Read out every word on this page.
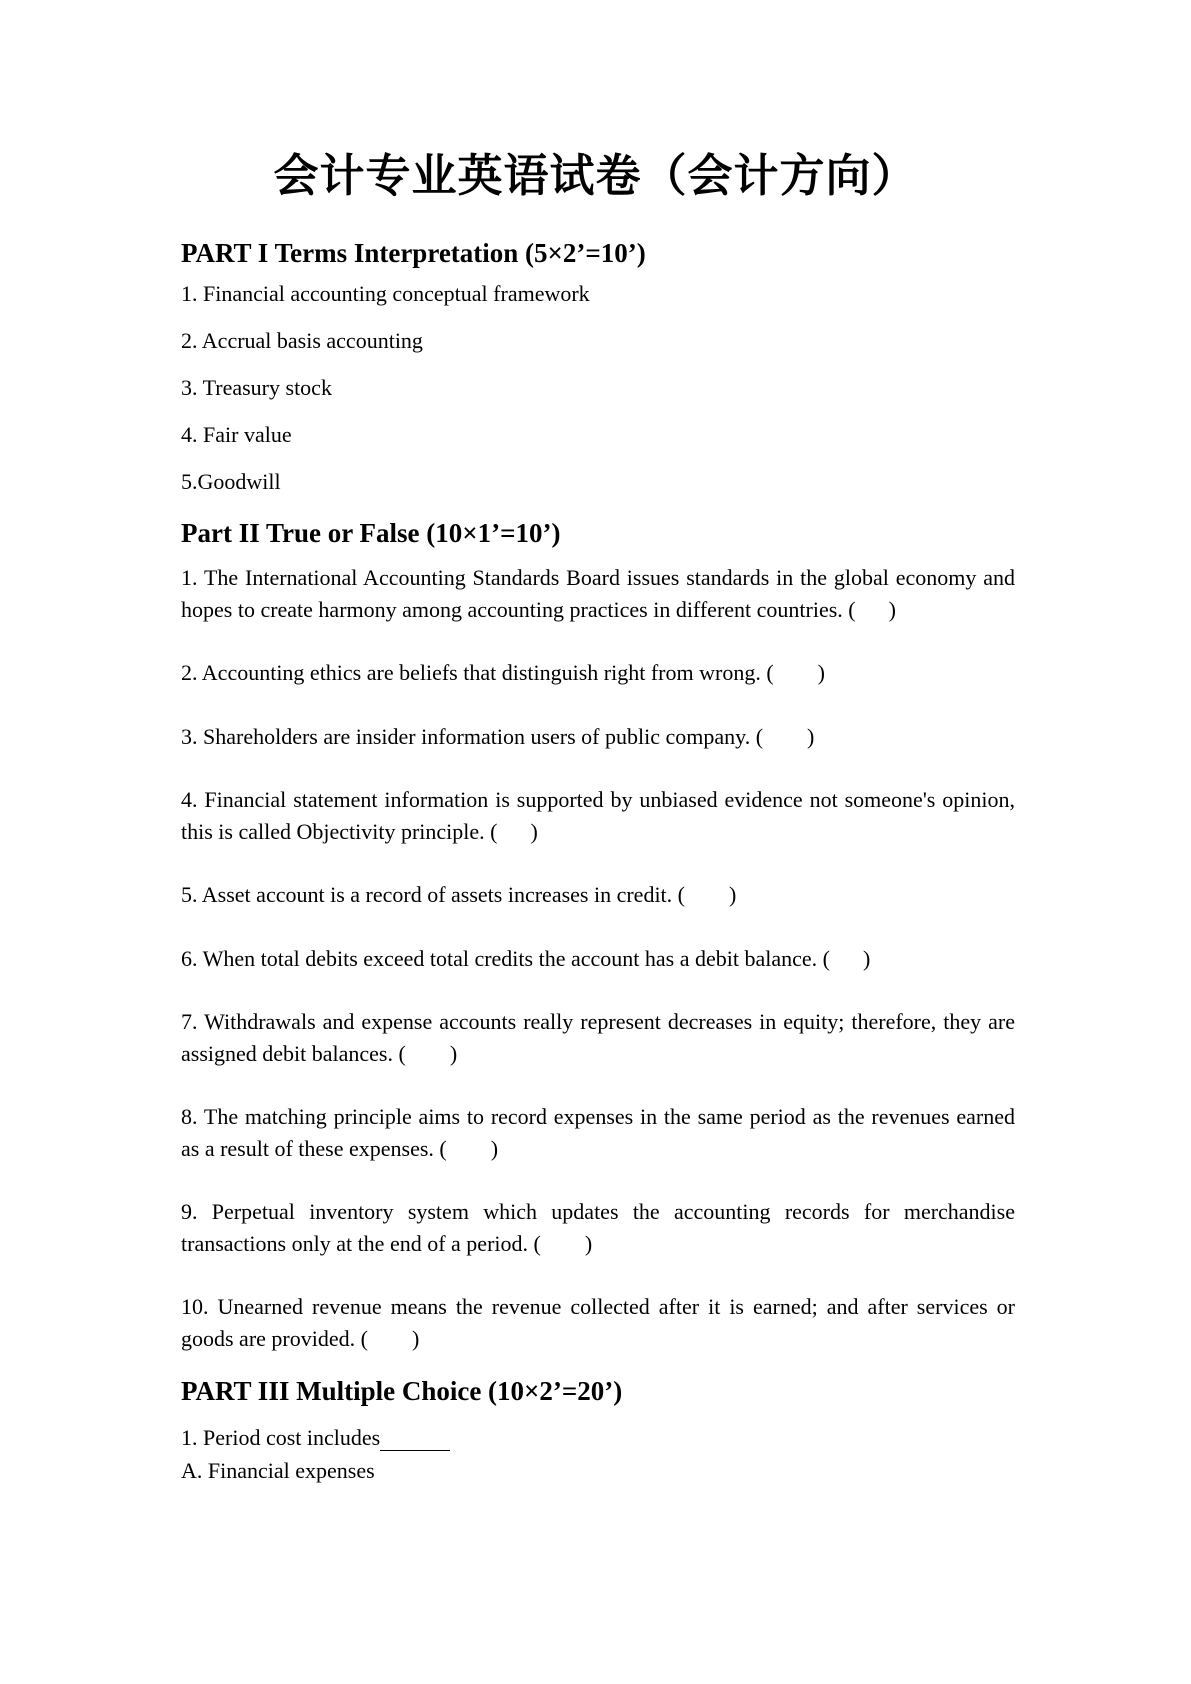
会计专业英语试卷（会计方向）
PART I Terms Interpretation (5×2’=10’)
1. Financial accounting conceptual framework
2. Accrual basis accounting
3. Treasury stock
4. Fair value
5.Goodwill
Part II True or False (10×1’=10’)
1. The International Accounting Standards Board issues standards in the global economy and hopes to create harmony among accounting practices in different countries. (      )
2. Accounting ethics are beliefs that distinguish right from wrong. (        )
3. Shareholders are insider information users of public company. (        )
4. Financial statement information is supported by unbiased evidence not someone's opinion, this is called Objectivity principle. (      )
5. Asset account is a record of assets increases in credit. (        )
6. When total debits exceed total credits the account has a debit balance. (      )
7. Withdrawals and expense accounts really represent decreases in equity; therefore, they are assigned debit balances. (        )
8. The matching principle aims to record expenses in the same period as the revenues earned as a result of these expenses. (        )
9. Perpetual inventory system which updates the accounting records for merchandise transactions only at the end of a period. (        )
10. Unearned revenue means the revenue collected after it is earned; and after services or goods are provided. (        )
PART III Multiple Choice (10×2’=20’)

1. Period cost includes

A. Financial expenses
